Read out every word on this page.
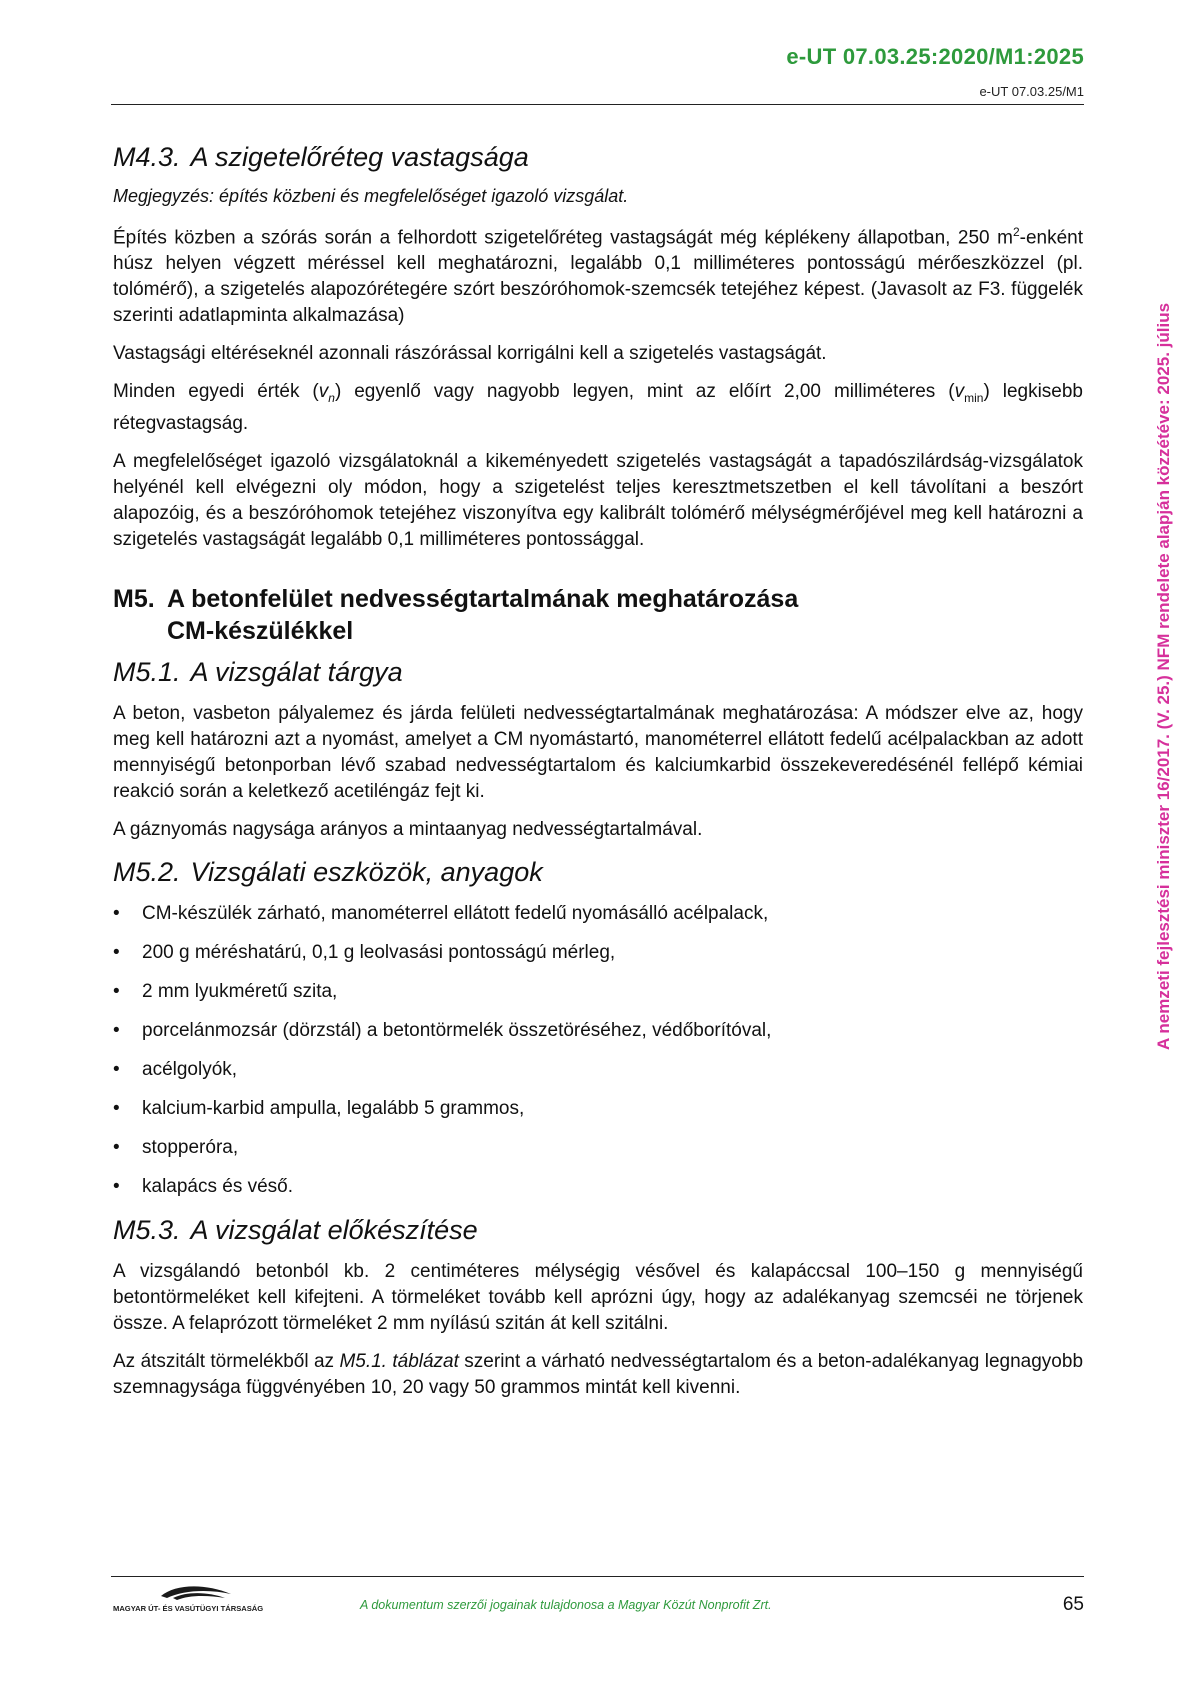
e-UT 07.03.25:2020/M1:2025
e-UT 07.03.25/M1
A nemzeti fejlesztési miniszter 16/2017. (V. 25.) NFM rendelete alapján közzétéve: 2025. július
M4.3. A szigetelőréteg vastagsága

Megjegyzés: építés közbeni és megfelelőséget igazoló vizsgálat.

Építés közben a szórás során a felhordott szigetelőréteg vastagságát még képlékeny állapotban, 250 $m^2$-enként húsz helyen végzett méréssel kell meghatározni, legalább 0,1 milliméteres pontosságú mérőeszközzel (pl. tolómérő), a szigetelés alapozórétegére szórt beszóróhomok-szemcsék tetejéhez képest. (Javasolt az F3. függelék szerinti adatlapminta alkalmazása)

Vastagsági eltéréseknél azonnali rászórással korrigálni kell a szigetelés vastagságát.

Minden egyedi érték $(v_n)$ egyenlő vagy nagyobb legyen, mint az előírt 2,00 milliméteres $(v_{min})$ legkisebb rétegvastagság.

A megfelelőséget igazoló vizsgálatoknál a kikeményedett szigetelés vastagságát a tapadószilárdság-vizsgálatok helyénél kell elvégezni oly módon, hogy a szigetelést teljes keresztmetszetben el kell távolítani a beszórt alapozóig, és a beszóróhomok tetejéhez viszonyítva egy kalibrált tolómérő mélységmérőjével meg kell határozni a szigetelés vastagságát legalább 0,1 milliméteres pontossággal.

M5. A betonfelület nedvességtartalmának meghatározása
CM-készülékkel
M5.1. A vizsgálat tárgya

A beton, vasbeton pályalemez és járda felületi nedvességtartalmának meghatározása: A módszer elve az, hogy meg kell határozni azt a nyomást, amelyet a CM nyomástartó, manométerrel ellátott fedelű acélpalackban az adott mennyiségű betonporban lévő szabad nedvességtartalom és kalciumkarbid összekeveredésénél fellépő kémiai reakció során a keletkező acetiléngáz fejt ki.

A gáznyomás nagysága arányos a mintaanyag nedvességtartalmával.

M5.2. Vizsgálati eszközök, anyagok
• CM-készülék zárható, manométerrel ellátott fedelű nyomásálló acélpalack,
• 200 g méréshatárú, 0,1 g leolvasási pontosságú mérleg,
• 2 mm lyukméretű szita,
• porcelánmozsár (dörzstál) a betontörmelék összetöréséhez, védőborítóval,
• acélgolyók,
• kalcium-karbid ampulla, legalább 5 grammos,
• stopperóra,
• kalapács és véső.
M5.3. A vizsgálat előkészítése

A vizsgálandó betonból kb. 2 centiméteres mélységig vésővel és kalapáccsal 100–150 g mennyiségű betontörmeléket kell kifejteni. A törmeléket tovább kell aprózni úgy, hogy az adalékanyag szemcséi ne törjenek össze. A felaprózott törmeléket 2 mm nyílású szitán át kell szitálni.

Az átszitált törmelékből az M5.1. táblázat szerint a várható nedvességtartalom és a beton-adalékanyag legnagyobb szemnagysága függvényében 10, 20 vagy 50 grammos mintát kell kivenni.

MAGYAR ÚT- ÉS VASÚTÜGYI TÁRSASÁG	A dokumentum szerzői jogainak tulajdonosa a Magyar Közút Nonprofit Zrt.	65
